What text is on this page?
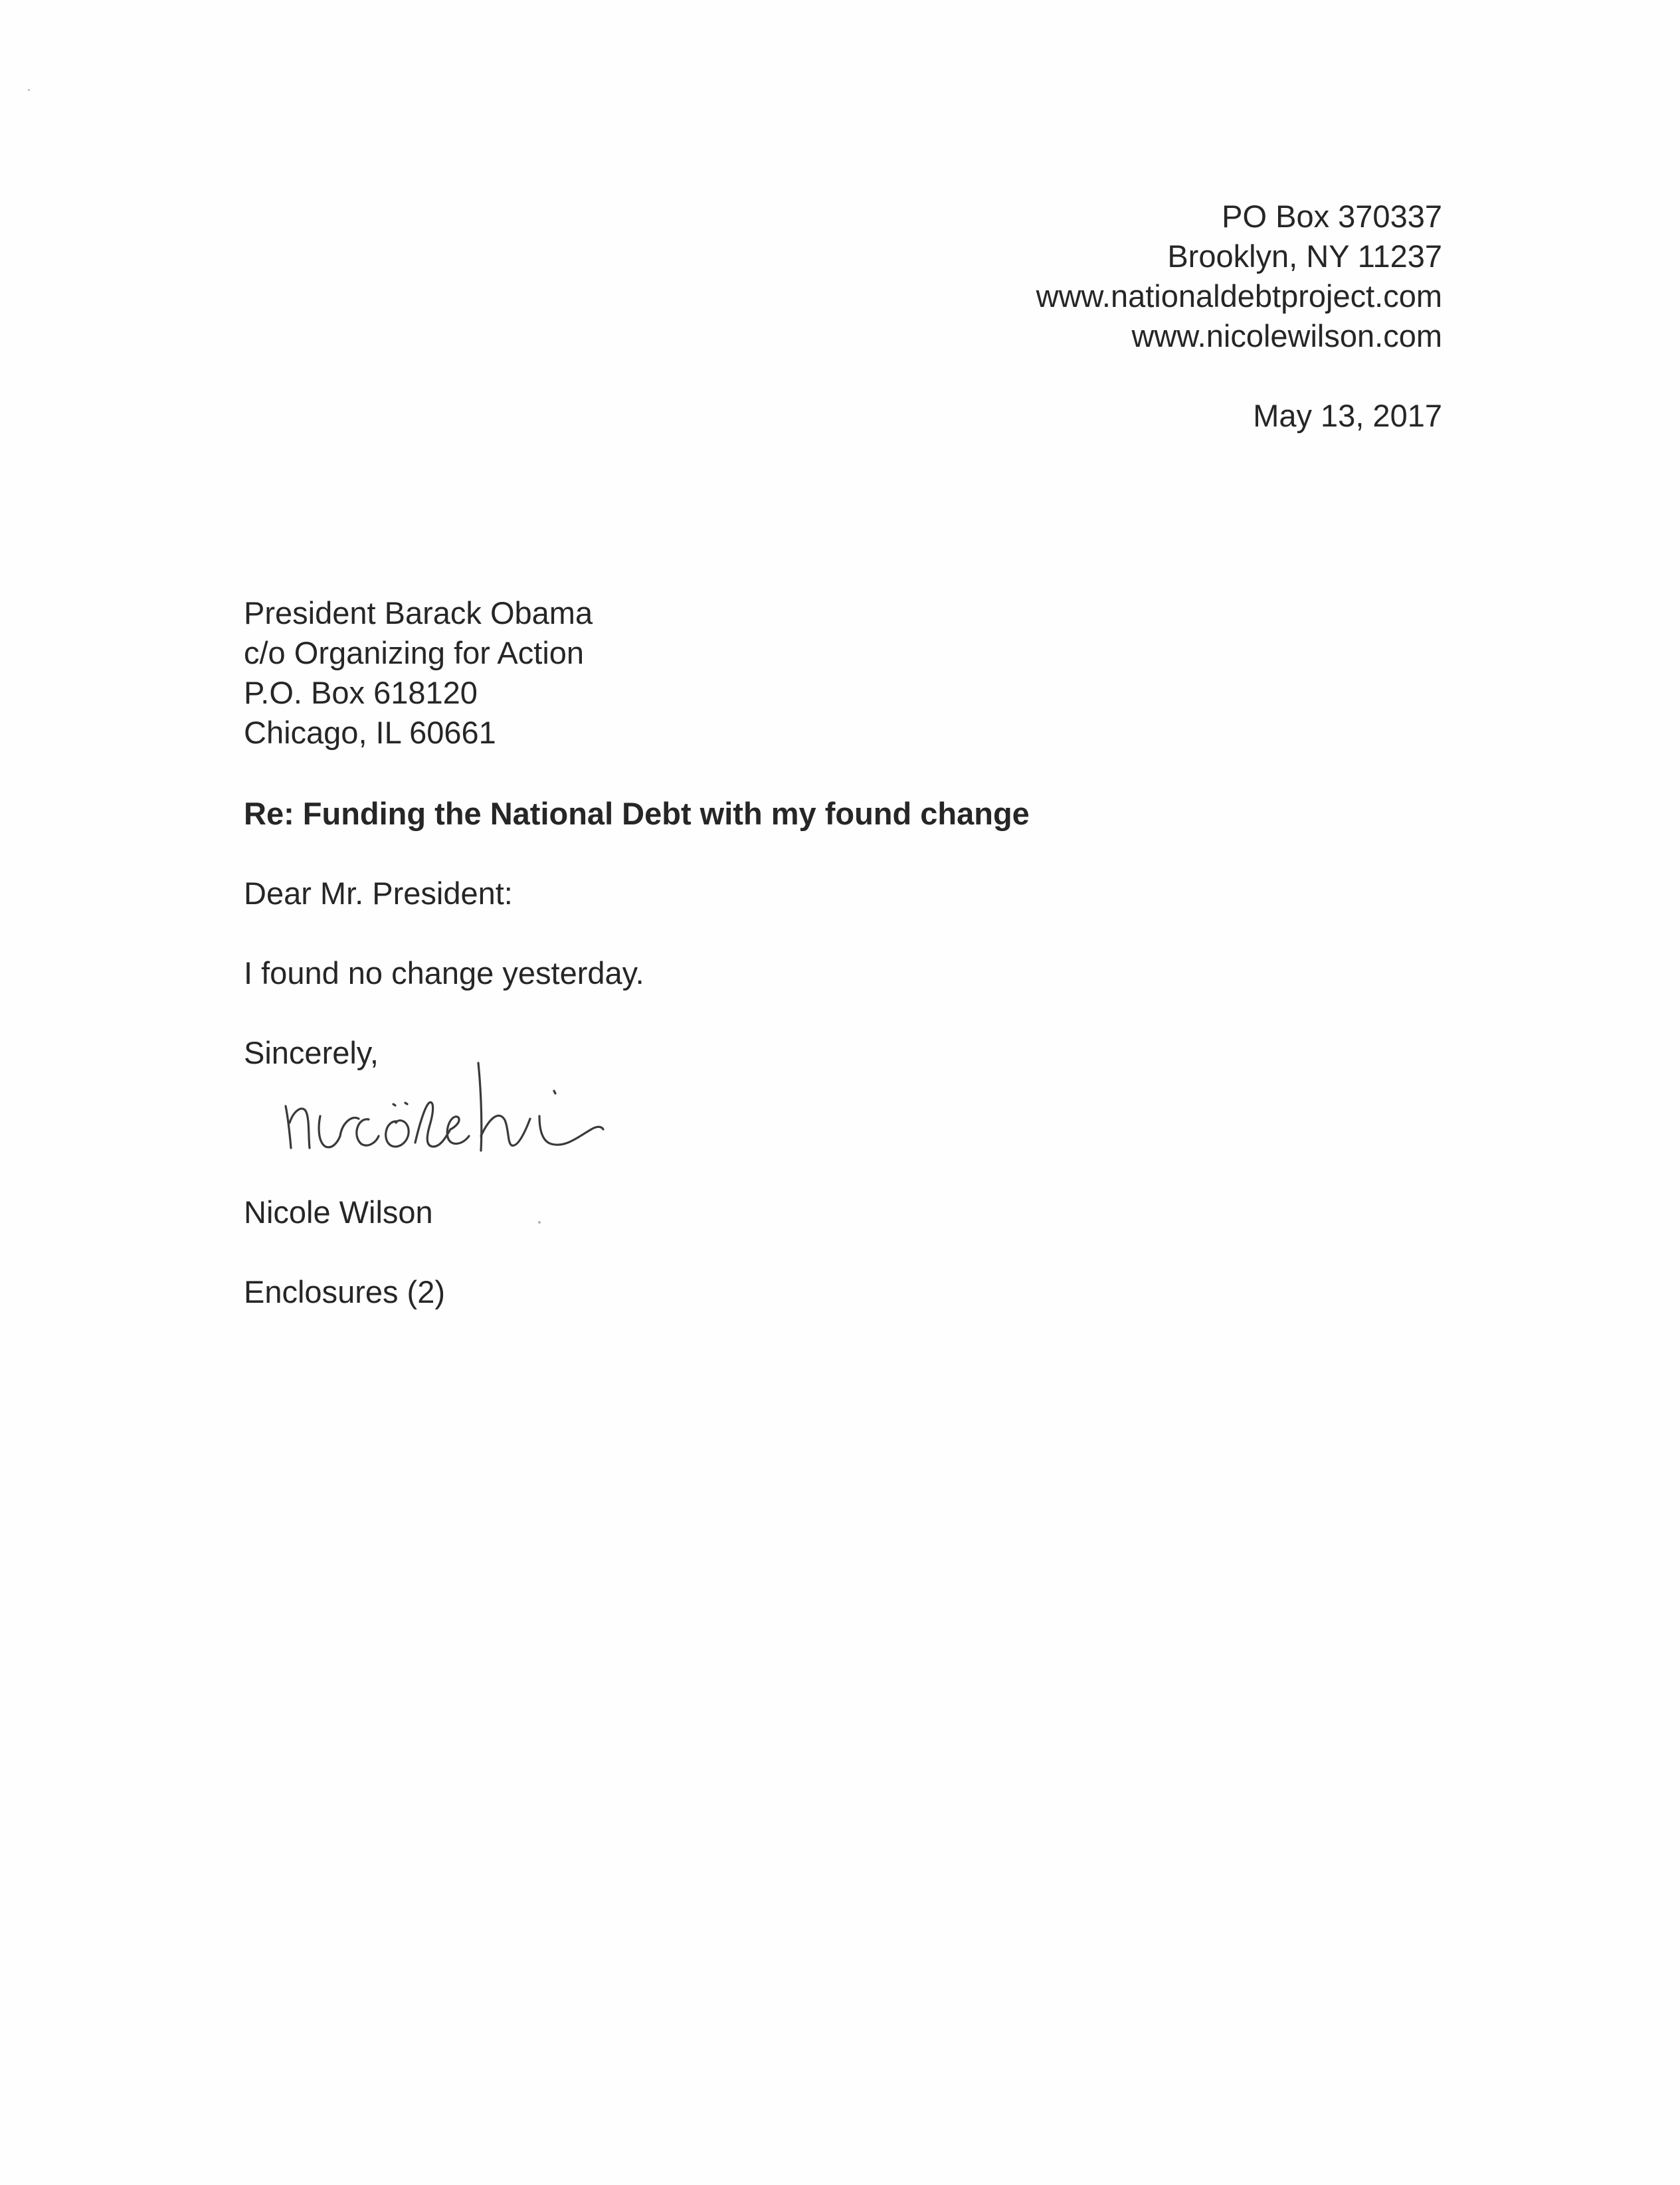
PO Box 370337
Brooklyn, NY 11237
www.nationaldebtproject.com
www.nicolewilson.com
May 13, 2017
President Barack Obama
c/o Organizing for Action
P.O. Box 618120
Chicago, IL 60661
Re: Funding the National Debt with my found change
Dear Mr. President:
I found no change yesterday.
Sincerely,
Nicole Wilson
Enclosures (2)
